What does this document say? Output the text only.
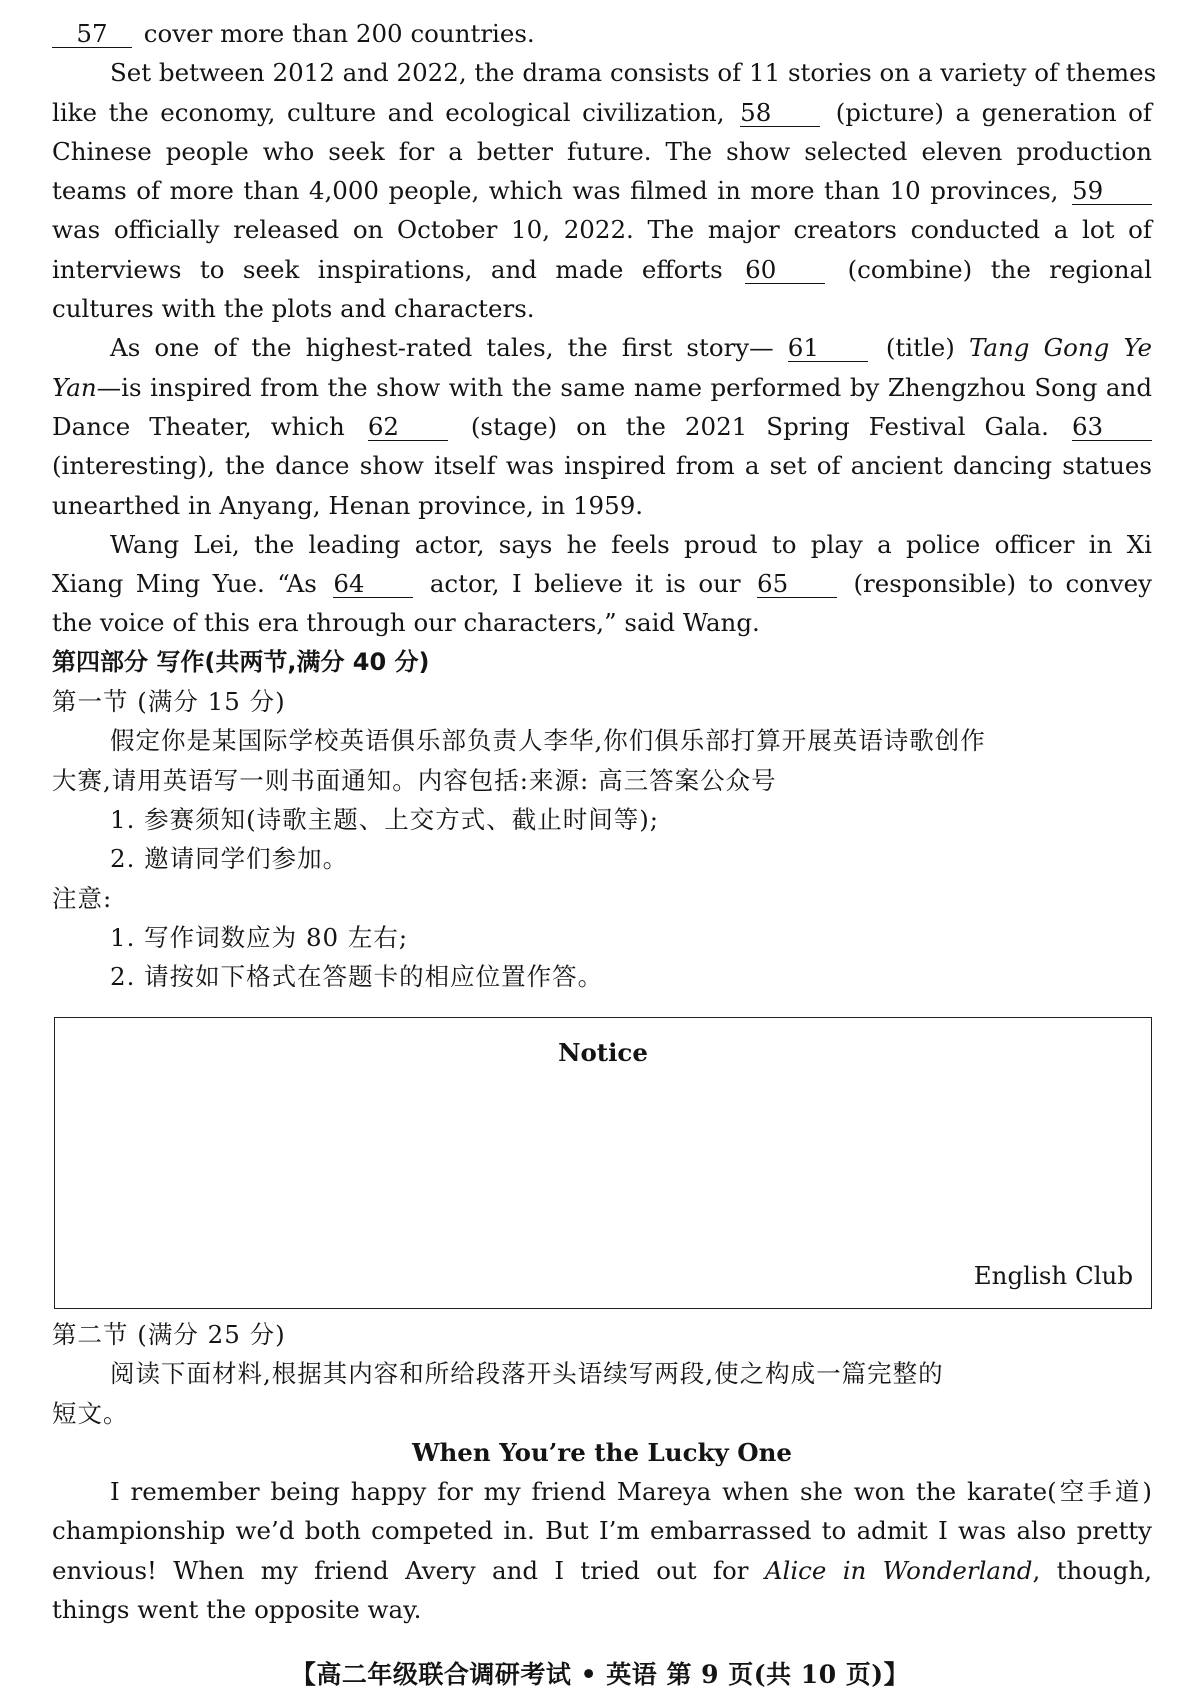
57 cover more than 200 countries.
Set between 2012 and 2022, the drama consists of 11 stories on a variety of themes
like the economy, culture and ecological civilization, 58	(picture) a generation of
Chinese people who seek for a better future. The show selected eleven production
teams of more than 4,000 people, which was filmed in more than 10 provinces, 59
was officially released on October 10, 2022. The major creators conducted a lot of
interviews to seek inspirations, and made efforts 60	(combine) the regional
cultures with the plots and characters.
As one of the highest-rated tales, the first story— 61	(title) Tang Gong Ye
Yan—is inspired from the show with the same name performed by Zhengzhou Song and
Dance Theater, which 62	(stage) on the 2021 Spring Festival Gala. 63
(interesting), the dance show itself was inspired from a set of ancient dancing statues
unearthed in Anyang, Henan province, in 1959.
Wang Lei, the leading actor, says he feels proud to play a police officer in Xi
Xiang Ming Yue. “As 64	actor, I believe it is our 65	(responsible) to convey
the voice of this era through our characters,” said Wang.
第四部分 写作(共两节,满分 40 分)
第一节 (满分 15 分)
假定你是某国际学校英语俱乐部负责人李华,你们俱乐部打算开展英语诗歌创作
大赛,请用英语写一则书面通知。内容包括:来源: 高三答案公众号
1. 参赛须知(诗歌主题、上交方式、截止时间等);
2. 邀请同学们参加。
注意:
1. 写作词数应为 80 左右;
2. 请按如下格式在答题卡的相应位置作答。
Notice
English Club
第二节 (满分 25 分)
阅读下面材料,根据其内容和所给段落开头语续写两段,使之构成一篇完整的
短文。
When You’re the Lucky One
I remember being happy for my friend Mareya when she won the karate(空手道)
championship we’d both competed in. But I’m embarrassed to admit I was also pretty
envious! When my friend Avery and I tried out for Alice in Wonderland, though,
things went the opposite way.
【高二年级联合调研考试 • 英语 第 9 页(共 10 页)】
